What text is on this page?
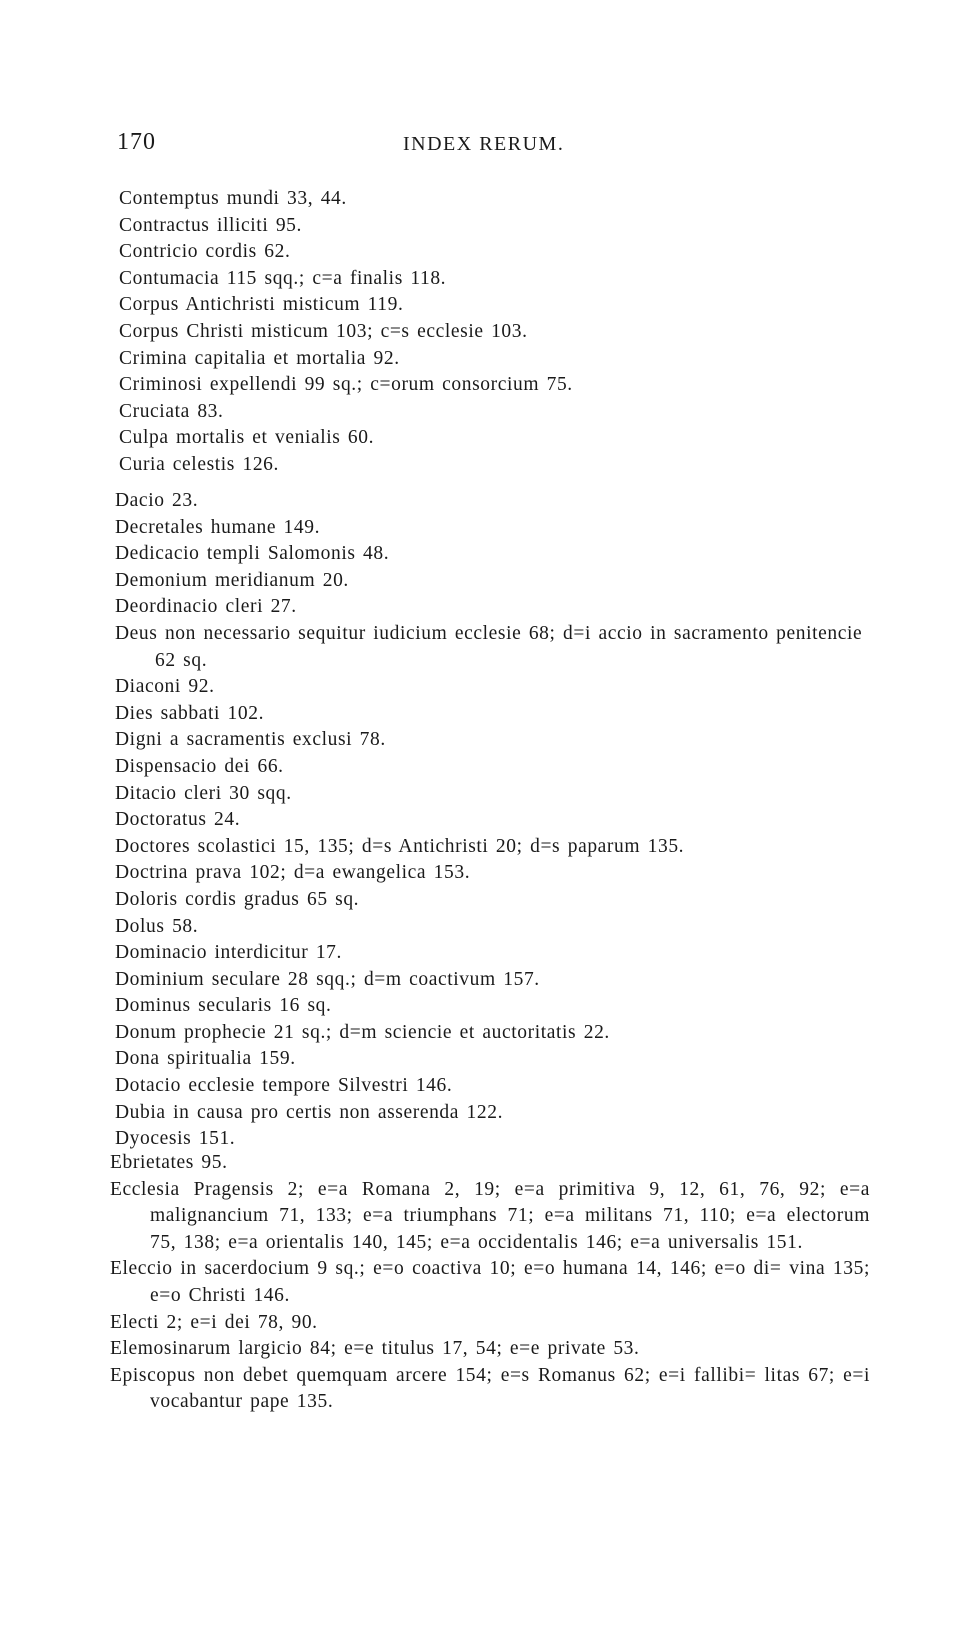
170	INDEX RERUM.
Contemptus mundi 33, 44.
Contractus illiciti 95.
Contricio cordis 62.
Contumacia 115 sqq.; c=a finalis 118.
Corpus Antichristi misticum 119.
Corpus Christi misticum 103; c=s ecclesie 103.
Crimina capitalia et mortalia 92.
Criminosi expellendi 99 sq.; c=orum consorcium 75.
Cruciata 83.
Culpa mortalis et venialis 60.
Curia celestis 126.
Dacio 23.
Decretales humane 149.
Dedicacio templi Salomonis 48.
Demonium meridianum 20.
Deordinacio cleri 27.
Deus non necessario sequitur iudicium ecclesie 68; d=i accio in sacramento penitencie 62 sq.
Diaconi 92.
Dies sabbati 102.
Digni a sacramentis exclusi 78.
Dispensacio dei 66.
Ditacio cleri 30 sqq.
Doctoratus 24.
Doctores scolastici 15, 135; d=s Antichristi 20; d=s paparum 135.
Doctrina prava 102; d=a ewangelica 153.
Doloris cordis gradus 65 sq.
Dolus 58.
Dominacio interdicitur 17.
Dominium seculare 28 sqq.; d=m coactivum 157.
Dominus secularis 16 sq.
Donum prophecie 21 sq.; d=m sciencie et auctoritatis 22.
Dona spiritualia 159.
Dotacio ecclesie tempore Silvestri 146.
Dubia in causa pro certis non asserenda 122.
Dyocesis 151.
Ebrietates 95.
Ecclesia Pragensis 2; e=a Romana 2, 19; e=a primitiva 9, 12, 61, 76, 92; e=a malignancium 71, 133; e=a triumphans 71; e=a militans 71, 110; e=a electorum 75, 138; e=a orientalis 140, 145; e=a occidentalis 146; e=a universalis 151.
Eleccio in sacerdocium 9 sq.; e=o coactiva 10; e=o humana 14, 146; e=o di= vina 135; e=o Christi 146.
Electi 2; e=i dei 78, 90.
Elemosinarum largicio 84; e=e titulus 17, 54; e=e private 53.
Episcopus non debet quemquam arcere 154; e=s Romanus 62; e=i fallibi= litas 67; e=i vocabantur pape 135.
